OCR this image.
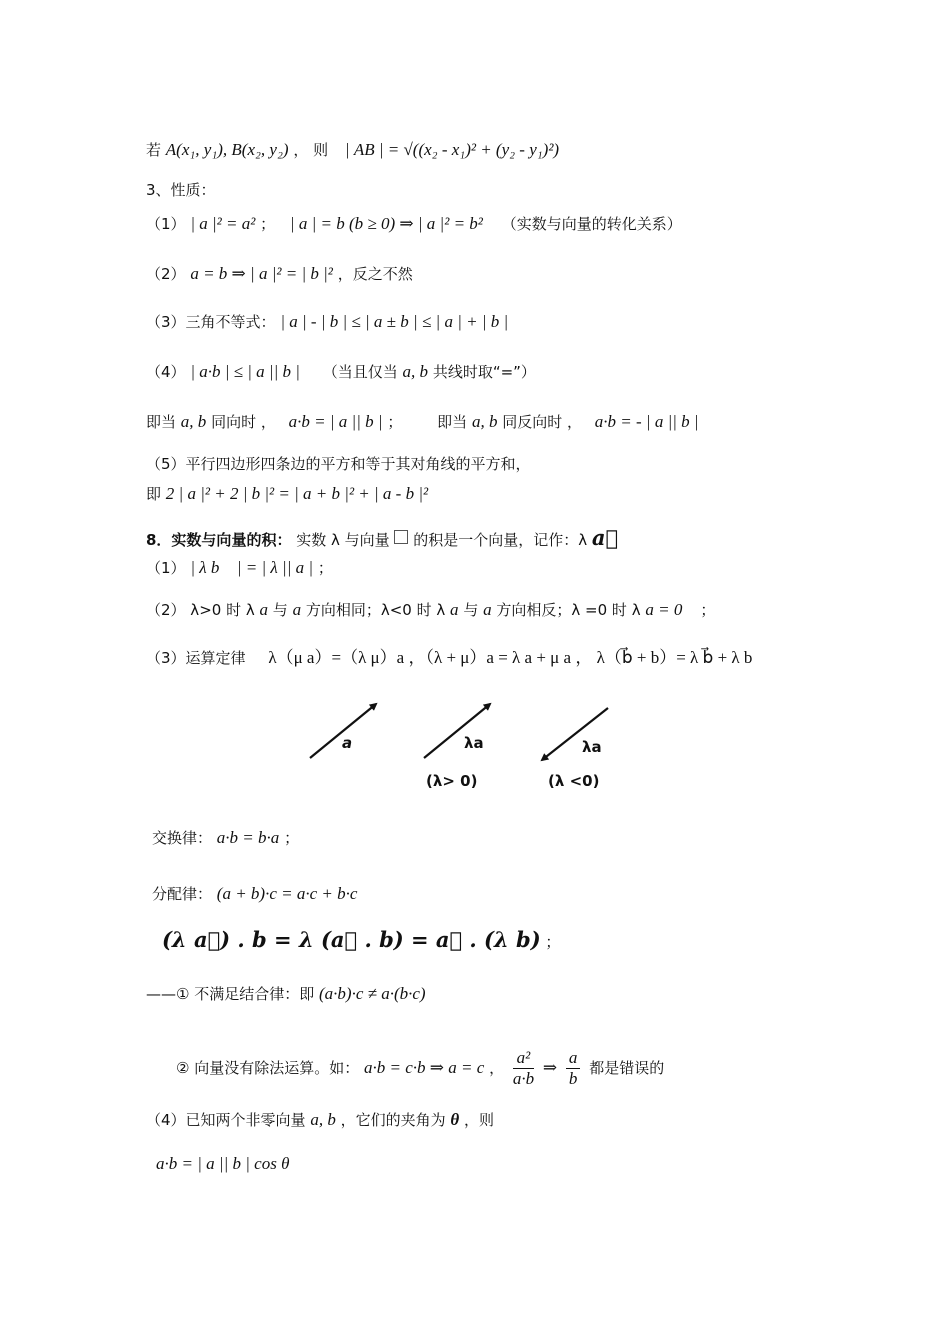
若 A(x₁, y₁), B(x₂, y₂) ， 则 | AB | = √((x₂ - x₁)² + (y₂ - y₁)²)
3、性质：
（1） | a |² = a² ； | a | = b (b ≥ 0) ⇒ | a |² = b² （实数与向量的转化关系）
（2） a = b ⇒ | a |² = | b |² ，反之不然
（3）三角不等式： | a | - | b | ≤ | a ± b | ≤ | a | + | b |
（4） | a·b | ≤ | a || b | （当且仅当 a, b 共线时取“=”）
即当 a, b 同向时 ， a·b = | a || b | ； 即当 a, b 同反向时 ， a·b = - | a || b |
（5）平行四边形四条边的平方和等于其对角线的平方和，
即 2 | a |² + 2 | b |² = | a + b |² + | a - b |²
8．实数与向量的积： 实数 λ 与向量 的积是一个向量，记作：λ a⃗
（1） | λ b⃗ | = | λ || a | ；
（2） λ>0 时 λ a 与 a 方向相同；λ<0 时 λ a 与 a 方向相反；λ =0 时 λ a = 0⃗ ；
（3）运算定律 λ（μ a）=（λ μ）a ，（λ + μ）a = λ a + μ a ， λ（b⃗ + b）= λ b⃗ + λ b
a	λa	λa
(λ> 0)	(λ <0)
交换律： a·b = b·a ；
分配律： (a + b)·c = a·c + b·c
(λ a⃗) . b = λ (a⃗ . b) = a⃗ . (λ b) ；
——① 不满足结合律：即 (a·b)·c ≠ a·(b·c)
② 向量没有除法运算。如： a·b = c·b ⇒ a = c ， $\frac{\text{a²}}{a\cdot b}$ ⇒ $\frac{a}{b}$ 都是错误的
（4）已知两个非零向量 a, b ，它们的夹角为 θ ，则
a·b = | a || b | cos θ
